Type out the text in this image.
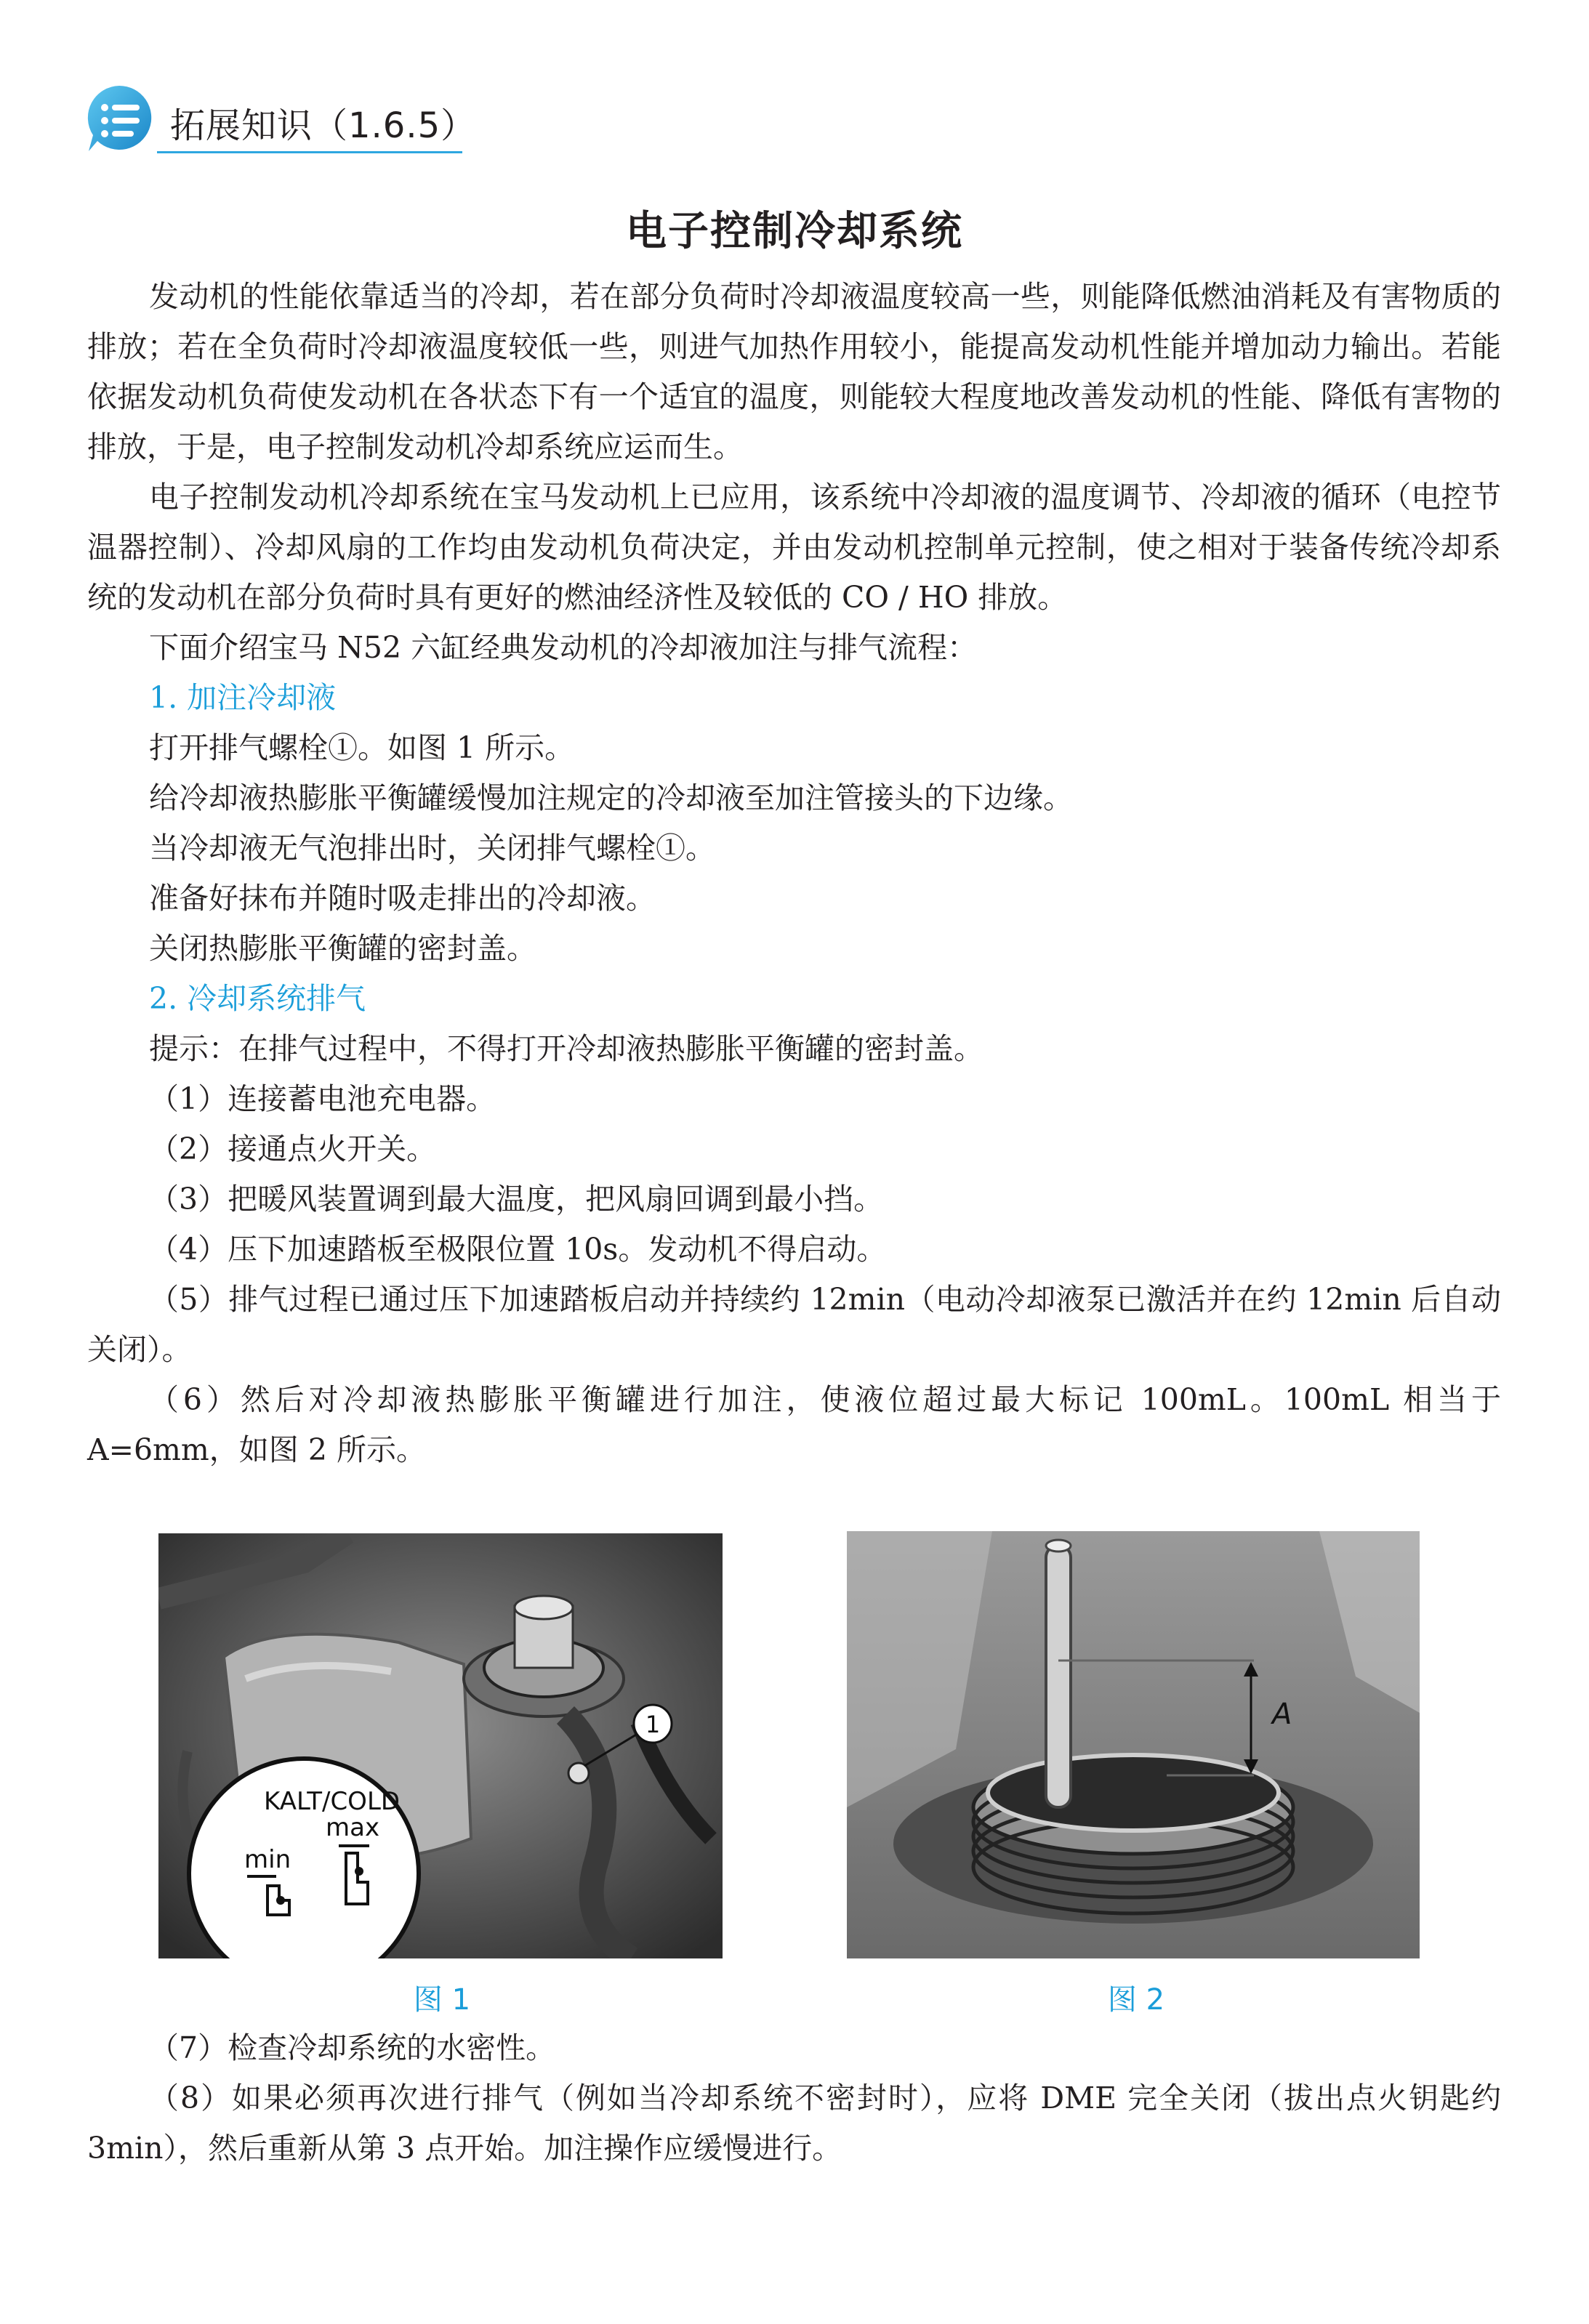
拓展知识（1.6.5）
电子控制冷却系统

发动机的性能依靠适当的冷却，若在部分负荷时冷却液温度较高一些，则能降低燃油消耗及有害物质的排放；若在全负荷时冷却液温度较低一些，则进气加热作用较小，能提高发动机性能并增加动力输出。若能依据发动机负荷使发动机在各状态下有一个适宜的温度，则能较大程度地改善发动机的性能、降低有害物的排放，于是，电子控制发动机冷却系统应运而生。

电子控制发动机冷却系统在宝马发动机上已应用，该系统中冷却液的温度调节、冷却液的循环（电控节温器控制）、冷却风扇的工作均由发动机负荷决定，并由发动机控制单元控制，使之相对于装备传统冷却系统的发动机在部分负荷时具有更好的燃油经济性及较低的 CO / HO 排放。

下面介绍宝马 N52 六缸经典发动机的冷却液加注与排气流程：

1. 加注冷却液

打开排气螺栓①。如图 1 所示。

给冷却液热膨胀平衡罐缓慢加注规定的冷却液至加注管接头的下边缘。

当冷却液无气泡排出时，关闭排气螺栓①。

准备好抹布并随时吸走排出的冷却液。

关闭热膨胀平衡罐的密封盖。

2. 冷却系统排气

提示：在排气过程中，不得打开冷却液热膨胀平衡罐的密封盖。

（1）连接蓄电池充电器。

（2）接通点火开关。

（3）把暖风装置调到最大温度，把风扇回调到最小挡。

（4）压下加速踏板至极限位置 10s。发动机不得启动。

（5）排气过程已通过压下加速踏板启动并持续约 12min（电动冷却液泵已激活并在约 12min 后自动关闭）。

（6）然后对冷却液热膨胀平衡罐进行加注，使液位超过最大标记 100mL。100mL 相当于 A=6mm，如图 2 所示。

1
KALT/COLD
max
min
图 1
A
图 2

（7）检查冷却系统的水密性。

（8）如果必须再次进行排气（例如当冷却系统不密封时），应将 DME 完全关闭（拔出点火钥匙约 3min），然后重新从第 3 点开始。加注操作应缓慢进行。
